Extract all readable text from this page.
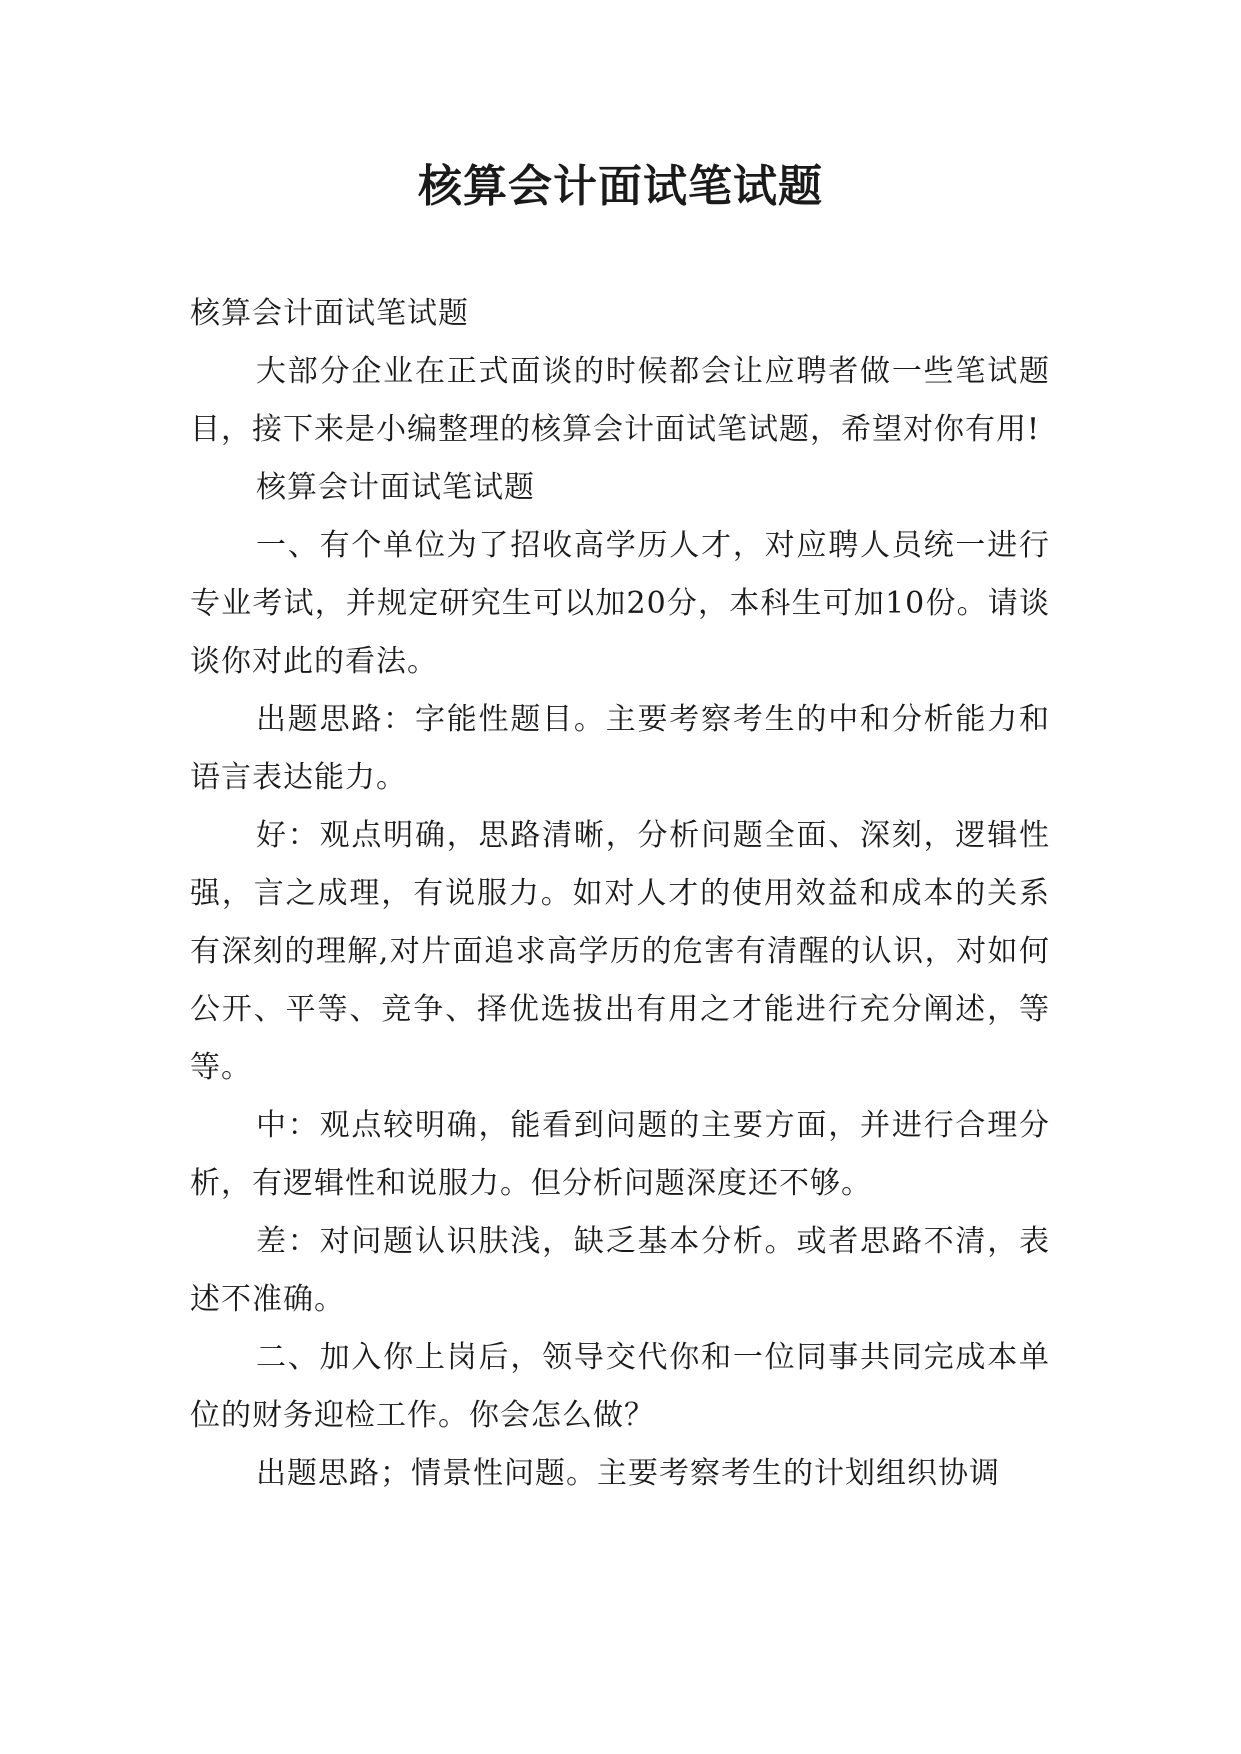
核算会计面试笔试题

核算会计面试笔试题

大部分企业在正式面谈的时候都会让应聘者做一些笔试题目，接下来是小编整理的核算会计面试笔试题，希望对你有用!

核算会计面试笔试题

一、有个单位为了招收高学历人才，对应聘人员统一进行专业考试，并规定研究生可以加20分，本科生可加10份。请谈谈你对此的看法。

出题思路：字能性题目。主要考察考生的中和分析能力和语言表达能力。

好：观点明确，思路清晰，分析问题全面、深刻，逻辑性强，言之成理，有说服力。如对人才的使用效益和成本的关系有深刻的理解,对片面追求高学历的危害有清醒的认识，对如何公开、平等、竞争、择优选拔出有用之才能进行充分阐述，等等。

中：观点较明确，能看到问题的主要方面，并进行合理分析，有逻辑性和说服力。但分析问题深度还不够。

差：对问题认识肤浅，缺乏基本分析。或者思路不清，表述不准确。

二、加入你上岗后，领导交代你和一位同事共同完成本单位的财务迎检工作。你会怎么做？

出题思路；情景性问题。主要考察考生的计划组织协调
